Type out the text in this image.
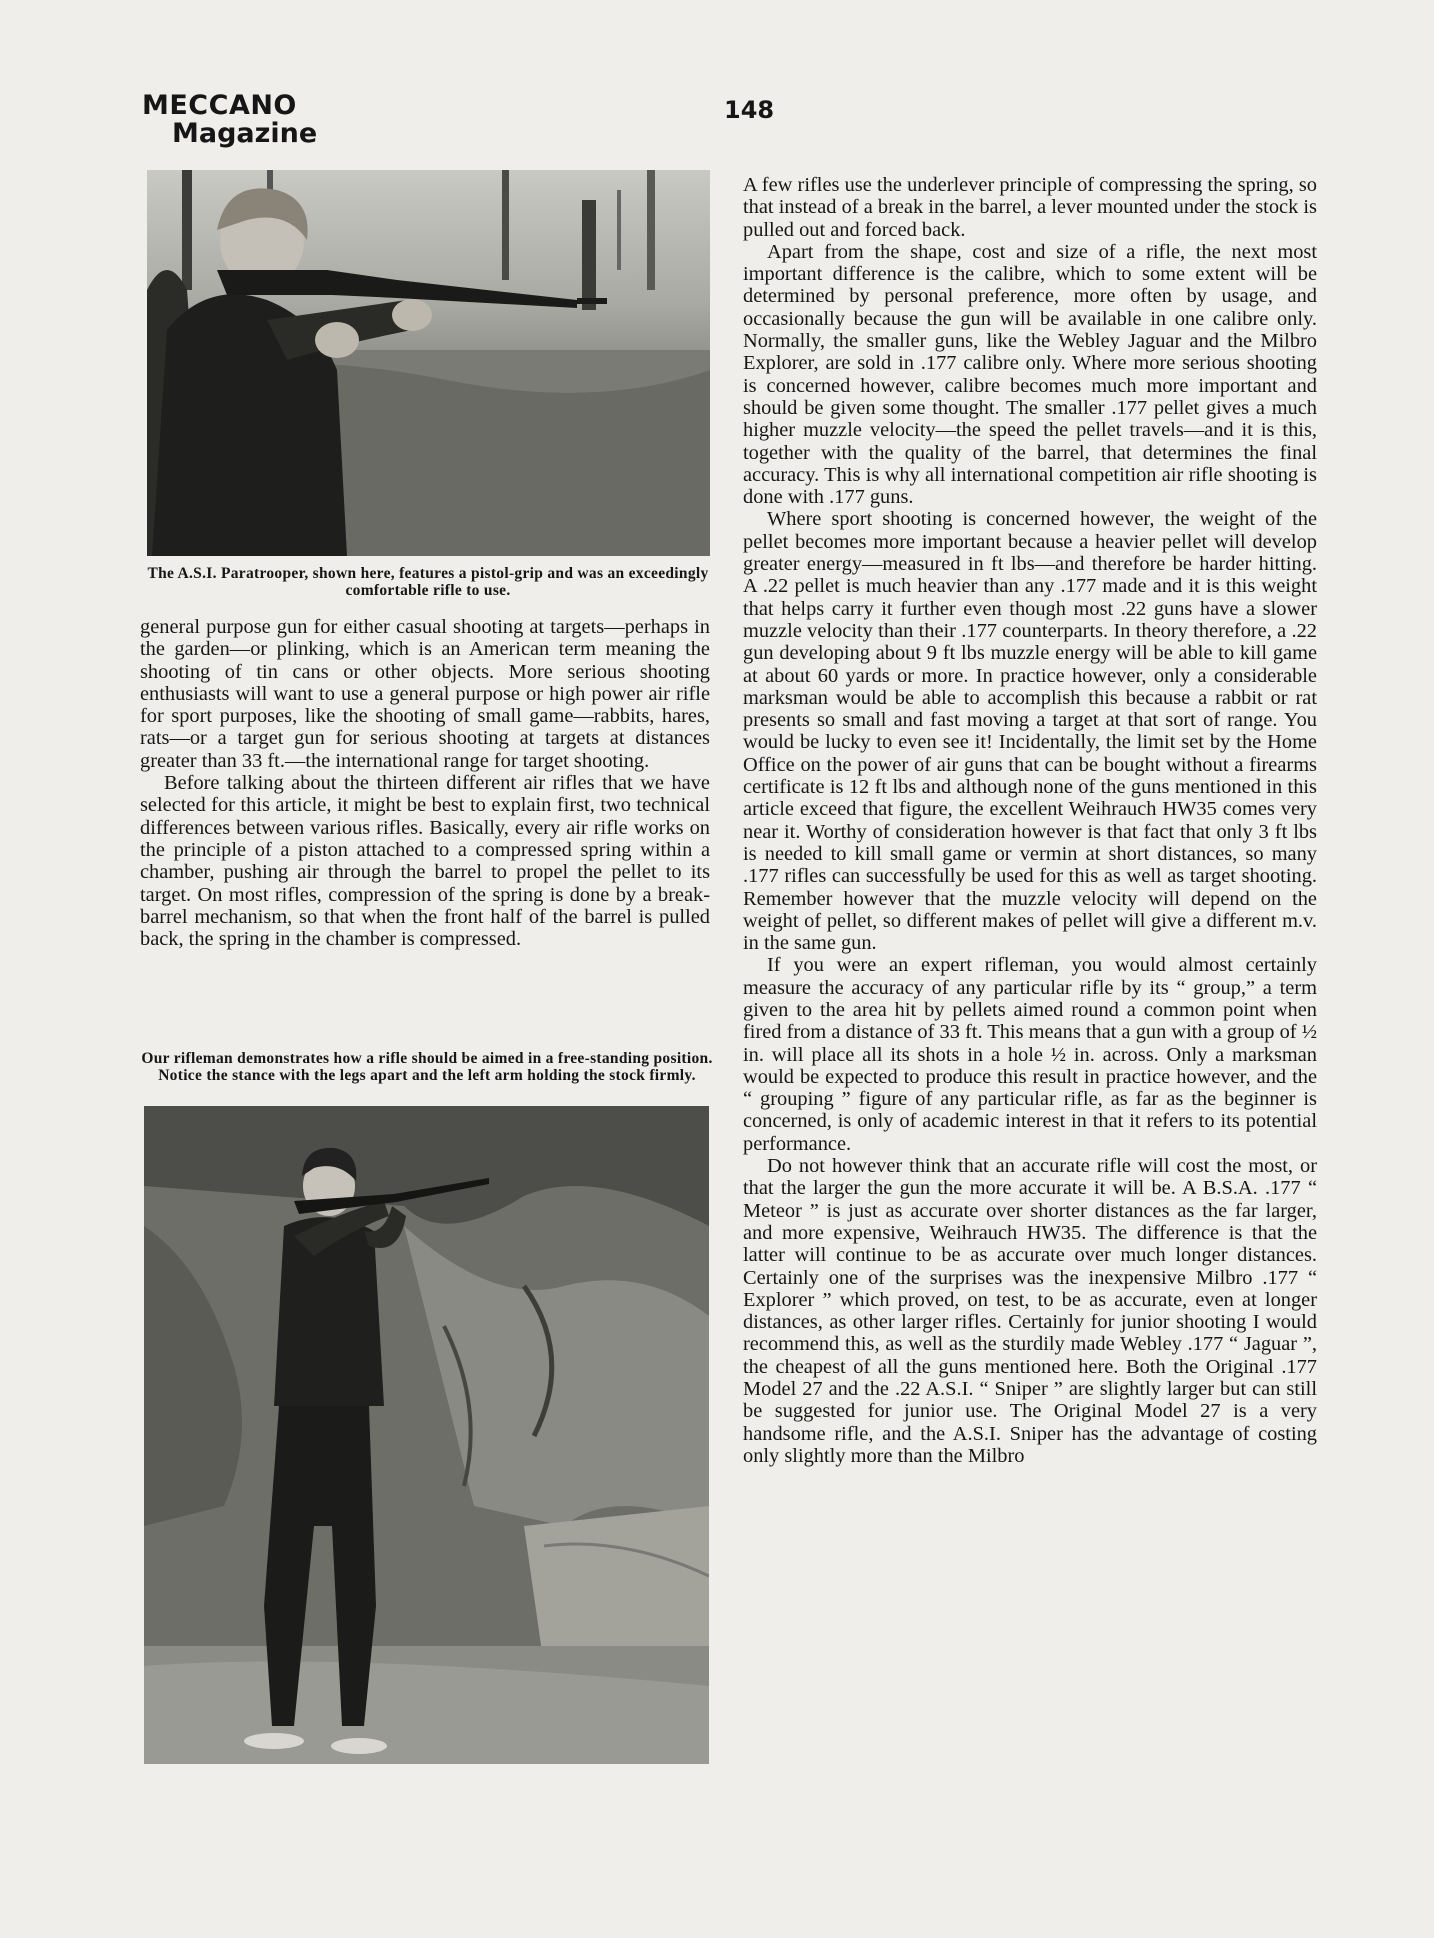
MECCANO
Magazine
148
The A.S.I. Paratrooper, shown here, features a pistol-grip and was an exceedingly comfortable rifle to use.

general purpose gun for either casual shooting at targets—perhaps in the garden—or plinking, which is an American term meaning the shooting of tin cans or other objects. More serious shooting enthusiasts will want to use a general purpose or high power air rifle for sport purposes, like the shooting of small game—rabbits, hares, rats—or a target gun for serious shooting at targets at distances greater than 33 ft.—the international range for target shooting.

Before talking about the thirteen different air rifles that we have selected for this article, it might be best to explain first, two technical differences between various rifles. Basically, every air rifle works on the principle of a piston attached to a compressed spring within a chamber, pushing air through the barrel to propel the pellet to its target. On most rifles, compression of the spring is done by a break-barrel mechanism, so that when the front half of the barrel is pulled back, the spring in the chamber is compressed.

Our rifleman demonstrates how a rifle should be aimed in a free-standing position. Notice the stance with the legs apart and the left arm holding the stock firmly.

A few rifles use the underlever principle of compressing the spring, so that instead of a break in the barrel, a lever mounted under the stock is pulled out and forced back.

Apart from the shape, cost and size of a rifle, the next most important difference is the calibre, which to some extent will be determined by personal preference, more often by usage, and occasionally because the gun will be available in one calibre only. Normally, the smaller guns, like the Webley Jaguar and the Milbro Explorer, are sold in .177 calibre only. Where more serious shooting is concerned however, calibre becomes much more important and should be given some thought. The smaller .177 pellet gives a much higher muzzle velocity—the speed the pellet travels—and it is this, together with the quality of the barrel, that determines the final accuracy. This is why all international competition air rifle shooting is done with .177 guns.

Where sport shooting is concerned however, the weight of the pellet becomes more important because a heavier pellet will develop greater energy—measured in ft lbs—and therefore be harder hitting. A .22 pellet is much heavier than any .177 made and it is this weight that helps carry it further even though most .22 guns have a slower muzzle velocity than their .177 counterparts. In theory therefore, a .22 gun developing about 9 ft lbs muzzle energy will be able to kill game at about 60 yards or more. In practice however, only a considerable marksman would be able to accomplish this because a rabbit or rat presents so small and fast moving a target at that sort of range. You would be lucky to even see it! Incidentally, the limit set by the Home Office on the power of air guns that can be bought without a firearms certificate is 12 ft lbs and although none of the guns mentioned in this article exceed that figure, the excellent Weihrauch HW35 comes very near it. Worthy of consideration however is that fact that only 3 ft lbs is needed to kill small game or vermin at short distances, so many .177 rifles can successfully be used for this as well as target shooting. Remember however that the muzzle velocity will depend on the weight of pellet, so different makes of pellet will give a different m.v. in the same gun.

If you were an expert rifleman, you would almost certainly measure the accuracy of any particular rifle by its “ group,” a term given to the area hit by pellets aimed round a common point when fired from a distance of 33 ft. This means that a gun with a group of ½ in. will place all its shots in a hole ½ in. across. Only a marksman would be expected to produce this result in practice however, and the “ grouping ” figure of any particular rifle, as far as the beginner is concerned, is only of academic interest in that it refers to its potential performance.

Do not however think that an accurate rifle will cost the most, or that the larger the gun the more accurate it will be. A B.S.A. .177 “ Meteor ” is just as accurate over shorter distances as the far larger, and more expensive, Weihrauch HW35. The difference is that the latter will continue to be as accurate over much longer distances. Certainly one of the surprises was the inexpensive Milbro .177 “ Explorer ” which proved, on test, to be as accurate, even at longer distances, as other larger rifles. Certainly for junior shooting I would recommend this, as well as the sturdily made Webley .177 “ Jaguar ”, the cheapest of all the guns mentioned here. Both the Original .177 Model 27 and the .22 A.S.I. “ Sniper ” are slightly larger but can still be suggested for junior use. The Original Model 27 is a very handsome rifle, and the A.S.I. Sniper has the advantage of costing only slightly more than the Milbro
